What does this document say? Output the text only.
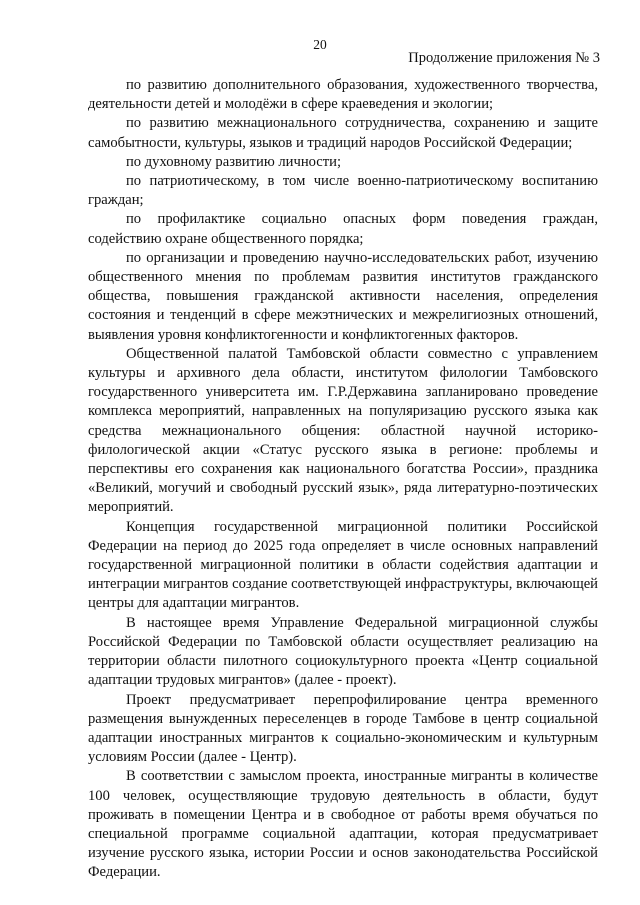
20
Продолжение приложения № 3

по развитию дополнительного образования, художественного творчества, деятельности детей и молодёжи в сфере краеведения и экологии;

по развитию межнационального сотрудничества, сохранению и защите самобытности, культуры, языков и традиций народов Российской Федерации;

по духовному развитию личности;

по патриотическому, в том числе военно-патриотическому воспитанию граждан;

по профилактике социально опасных форм поведения граждан, содействию охране общественного порядка;

по организации и проведению научно-исследовательских работ, изучению общественного мнения по проблемам развития институтов гражданского общества, повышения гражданской активности населения, определения состояния и тенденций в сфере межэтнических и межрелигиозных отношений, выявления уровня конфликтогенности и конфликтогенных факторов.

Общественной палатой Тамбовской области совместно с управлением культуры и архивного дела области, институтом филологии Тамбовского государственного университета им. Г.Р.Державина запланировано проведение комплекса мероприятий, направленных на популяризацию русского языка как средства межнационального общения: областной научной историко-филологической акции «Статус русского языка в регионе: проблемы и перспективы его сохранения как национального богатства России», праздника «Великий, могучий и свободный русский язык», ряда литературно-поэтических мероприятий.

Концепция государственной миграционной политики Российской Федерации на период до 2025 года определяет в числе основных направлений государственной миграционной политики в области содействия адаптации и интеграции мигрантов создание соответствующей инфраструктуры, включающей центры для адаптации мигрантов.

В настоящее время Управление Федеральной миграционной службы Российской Федерации по Тамбовской области осуществляет реализацию на территории области пилотного социокультурного проекта «Центр социальной адаптации трудовых мигрантов» (далее - проект).

Проект предусматривает перепрофилирование центра временного размещения вынужденных переселенцев в городе Тамбове в центр социальной адаптации иностранных мигрантов к социально-экономическим и культурным условиям России (далее - Центр).

В соответствии с замыслом проекта, иностранные мигранты в количестве 100 человек, осуществляющие трудовую деятельность в области, будут проживать в помещении Центра и в свободное от работы время обучаться по специальной программе социальной адаптации, которая предусматривает изучение русского языка, истории России и основ законодательства Российской Федерации.
